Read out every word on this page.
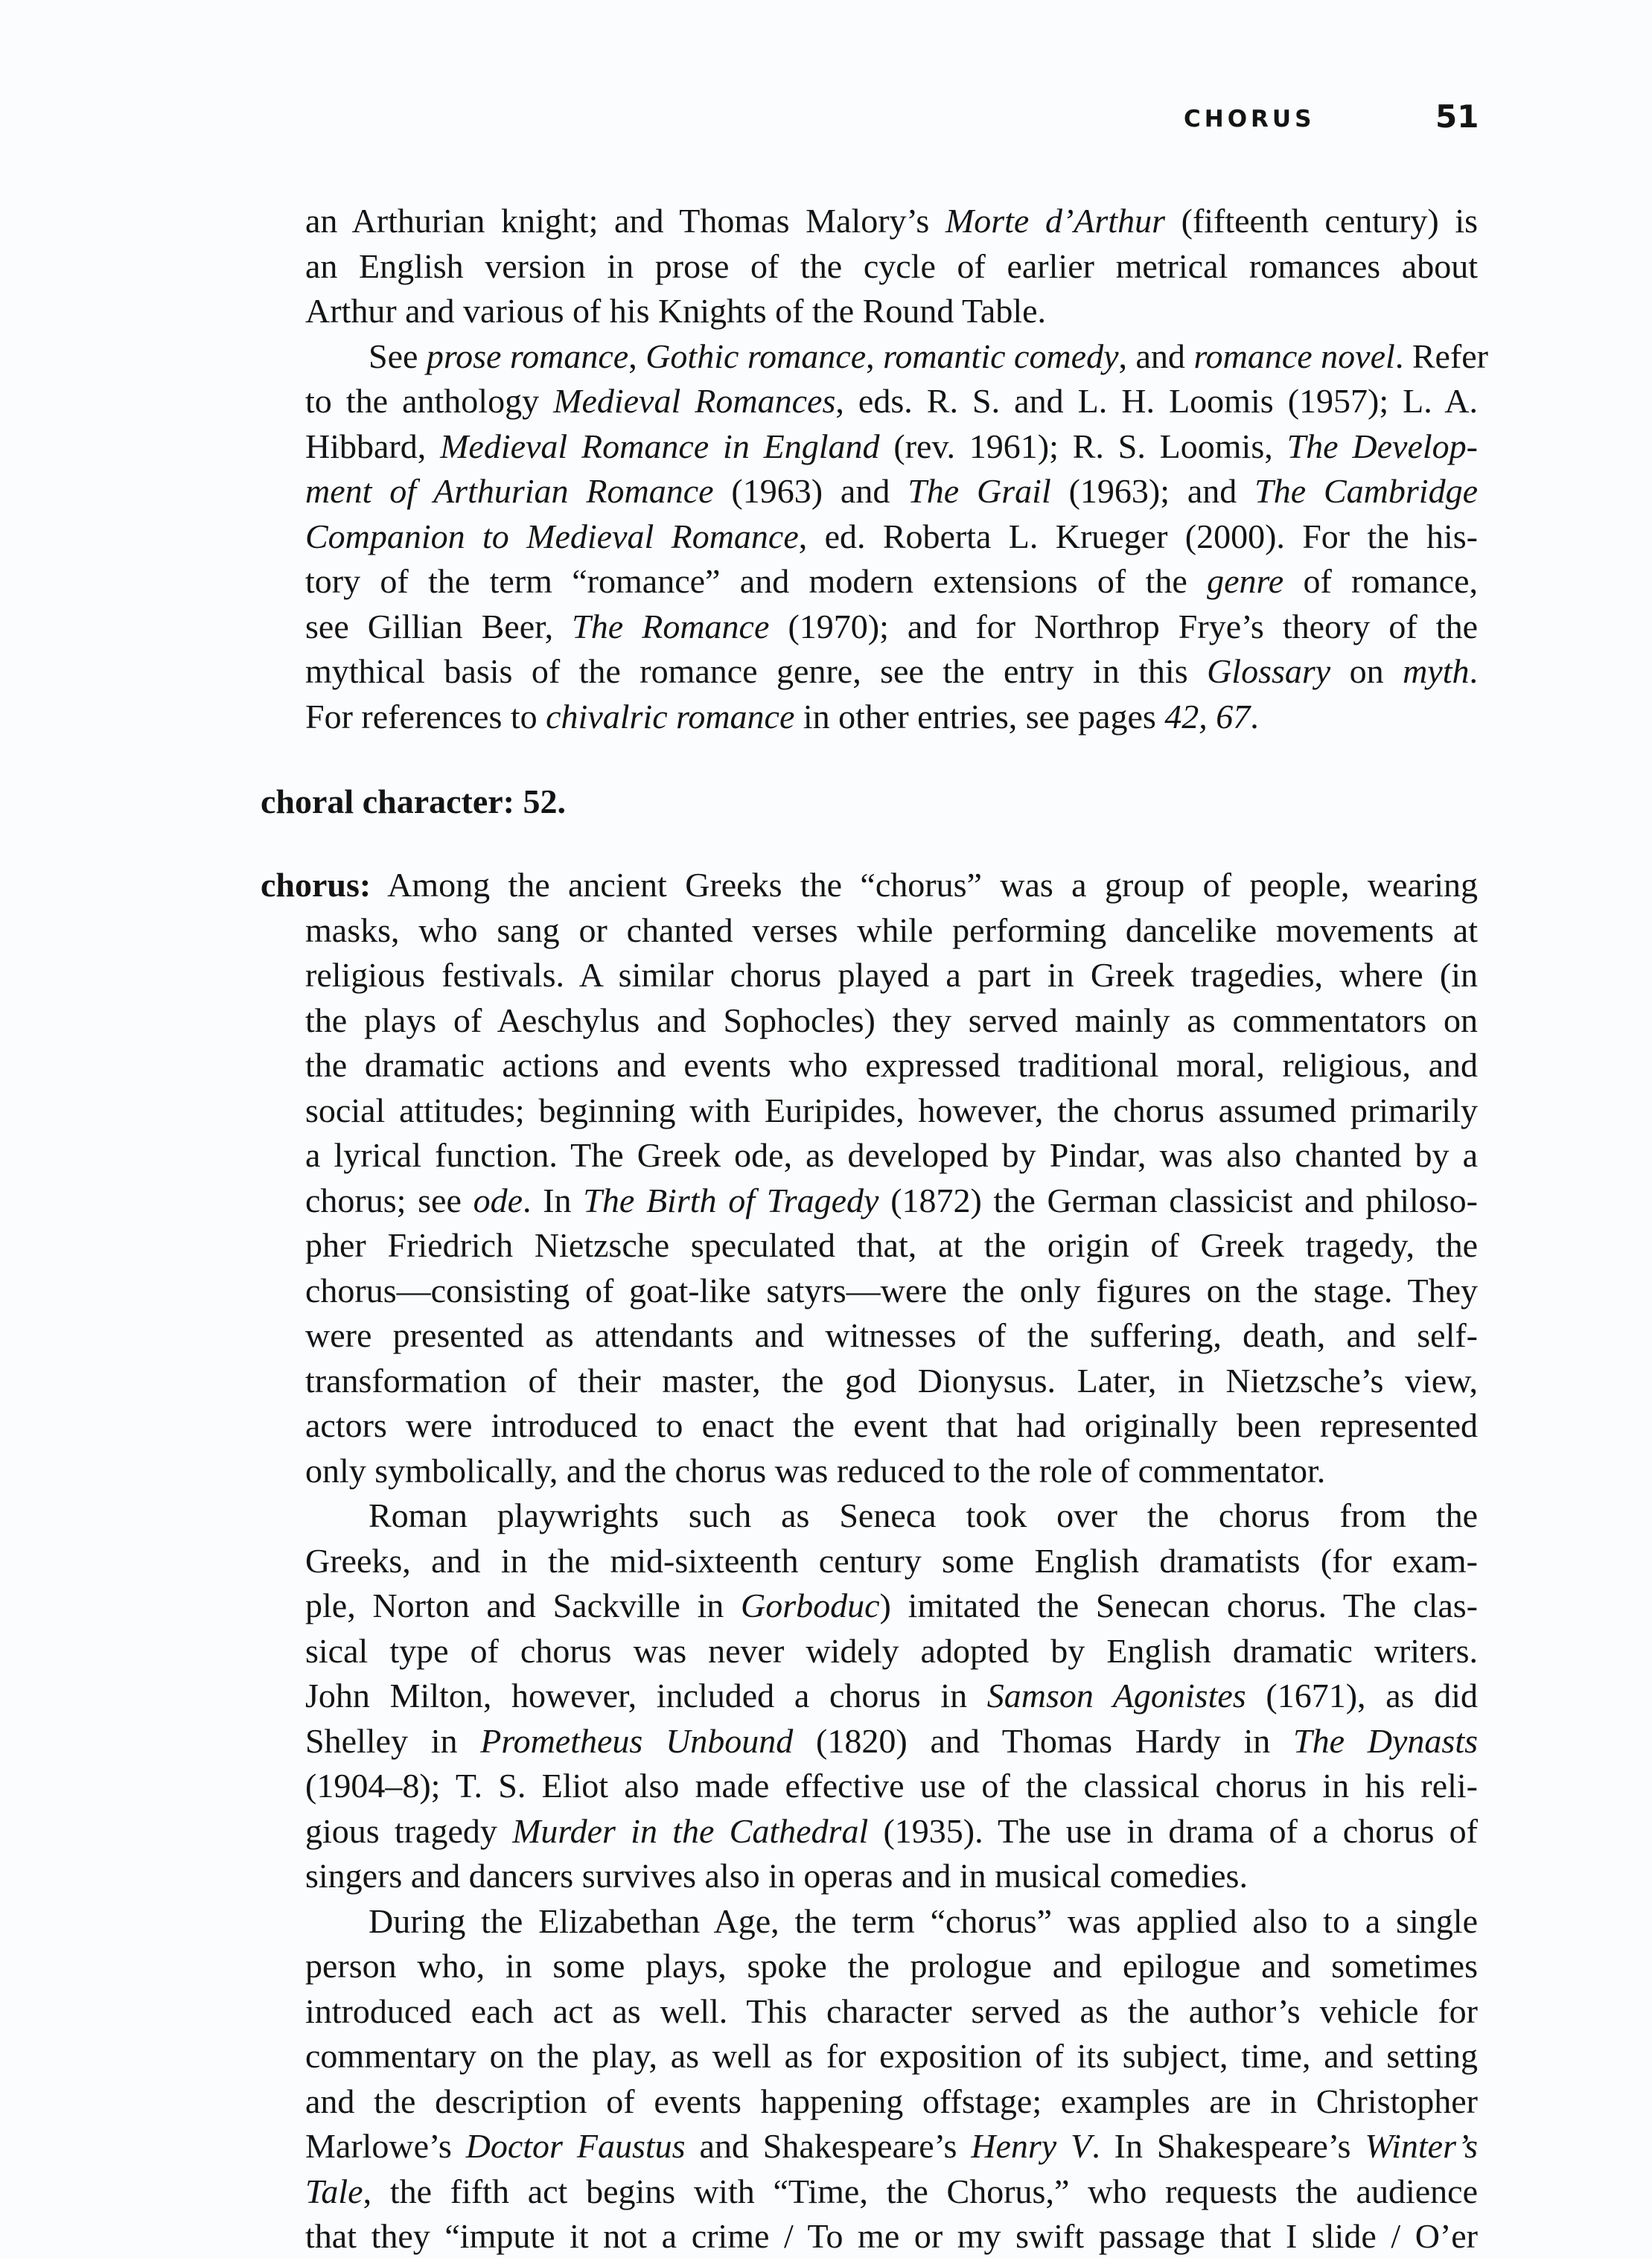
CHORUS	51
an Arthurian knight; and Thomas Malory’s Morte d’Arthur (fifteenth century) is
an English version in prose of the cycle of earlier metrical romances about
Arthur and various of his Knights of the Round Table.
See prose romance, Gothic romance, romantic comedy, and romance novel. Refer
to the anthology Medieval Romances, eds. R. S. and L. H. Loomis (1957); L. A.
Hibbard, Medieval Romance in England (rev. 1961); R. S. Loomis, The Develop-
ment of Arthurian Romance (1963) and The Grail (1963); and The Cambridge
Companion to Medieval Romance, ed. Roberta L. Krueger (2000). For the his-
tory of the term “romance” and modern extensions of the genre of romance,
see Gillian Beer, The Romance (1970); and for Northrop Frye’s theory of the
mythical basis of the romance genre, see the entry in this Glossary on myth.
For references to chivalric romance in other entries, see pages 42, 67.
choral character: 52.
chorus: Among the ancient Greeks the “chorus” was a group of people, wearing
masks, who sang or chanted verses while performing dancelike movements at
religious festivals. A similar chorus played a part in Greek tragedies, where (in
the plays of Aeschylus and Sophocles) they served mainly as commentators on
the dramatic actions and events who expressed traditional moral, religious, and
social attitudes; beginning with Euripides, however, the chorus assumed primarily
a lyrical function. The Greek ode, as developed by Pindar, was also chanted by a
chorus; see ode. In The Birth of Tragedy (1872) the German classicist and philoso-
pher Friedrich Nietzsche speculated that, at the origin of Greek tragedy, the
chorus—consisting of goat-like satyrs—were the only figures on the stage. They
were presented as attendants and witnesses of the suffering, death, and self-
transformation of their master, the god Dionysus. Later, in Nietzsche’s view,
actors were introduced to enact the event that had originally been represented
only symbolically, and the chorus was reduced to the role of commentator.
Roman playwrights such as Seneca took over the chorus from the
Greeks, and in the mid-sixteenth century some English dramatists (for exam-
ple, Norton and Sackville in Gorboduc) imitated the Senecan chorus. The clas-
sical type of chorus was never widely adopted by English dramatic writers.
John Milton, however, included a chorus in Samson Agonistes (1671), as did
Shelley in Prometheus Unbound (1820) and Thomas Hardy in The Dynasts
(1904–8); T. S. Eliot also made effective use of the classical chorus in his reli-
gious tragedy Murder in the Cathedral (1935). The use in drama of a chorus of
singers and dancers survives also in operas and in musical comedies.
During the Elizabethan Age, the term “chorus” was applied also to a single
person who, in some plays, spoke the prologue and epilogue and sometimes
introduced each act as well. This character served as the author’s vehicle for
commentary on the play, as well as for exposition of its subject, time, and setting
and the description of events happening offstage; examples are in Christopher
Marlowe’s Doctor Faustus and Shakespeare’s Henry V. In Shakespeare’s Winter’s
Tale, the fifth act begins with “Time, the Chorus,” who requests the audience
that they “impute it not a crime / To me or my swift passage that I slide / O’er
